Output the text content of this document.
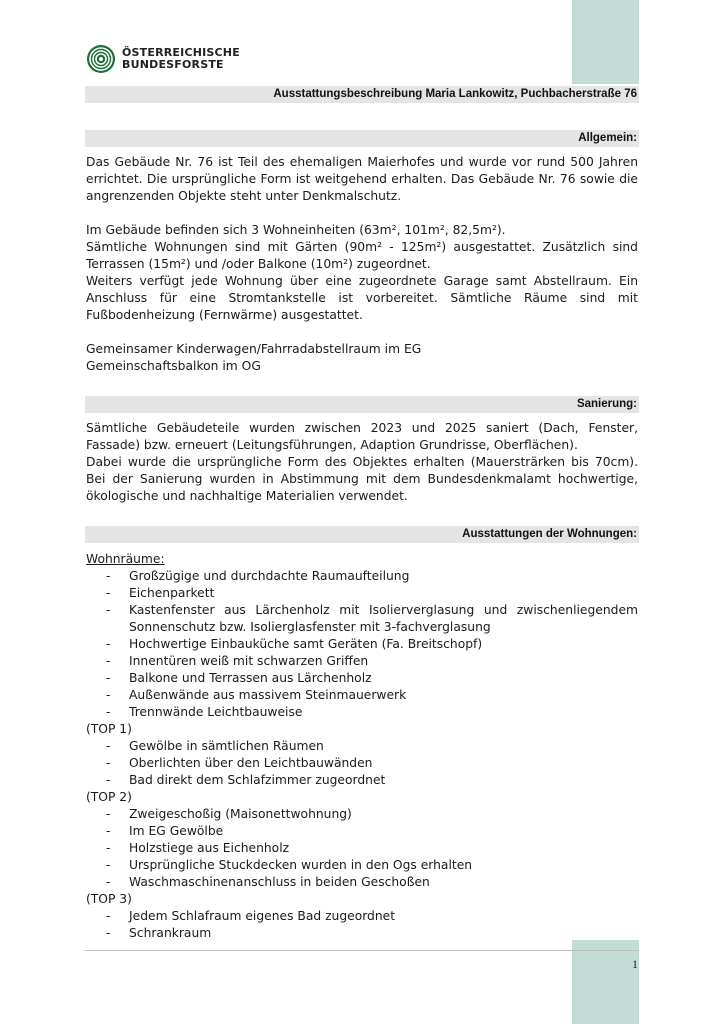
ÖSTERREICHISCHE
BUNDESFORSTE
Ausstattungsbeschreibung Maria Lankowitz, Puchbacherstraße 76
Allgemein:

Das Gebäude Nr. 76 ist Teil des ehemaligen Maierhofes und wurde vor rund 500 Jahren errichtet. Die ursprüngliche Form ist weitgehend erhalten. Das Gebäude Nr. 76 sowie die angrenzenden Objekte steht unter Denkmalschutz.

Im Gebäude befinden sich 3 Wohneinheiten (63m², 101m², 82,5m²).

Sämtliche Wohnungen sind mit Gärten (90m² - 125m²) ausgestattet. Zusätzlich sind Terrassen (15m²) und /oder Balkone (10m²) zugeordnet.

Weiters verfügt jede Wohnung über eine zugeordnete Garage samt Abstellraum. Ein Anschluss für eine Stromtankstelle ist vorbereitet. Sämtliche Räume sind mit Fußbodenheizung (Fernwärme) ausgestattet.

Gemeinsamer Kinderwagen/Fahrradabstellraum im EG

Gemeinschaftsbalkon im OG

Sanierung:

Sämtliche Gebäudeteile wurden zwischen 2023 und 2025 saniert (Dach, Fenster, Fassade) bzw. erneuert (Leitungsführungen, Adaption Grundrisse, Oberflächen).

Dabei wurde die ursprüngliche Form des Objektes erhalten (Mauersträrken bis 70cm). Bei der Sanierung wurden in Abstimmung mit dem Bundesdenkmalamt hochwertige, ökologische und nachhaltige Materialien verwendet.

Ausstattungen der Wohnungen:

Wohnräume:

- Großzügige und durchdachte Raumaufteilung
- Eichenparkett
- Kastenfenster aus Lärchenholz mit Isolierverglasung und zwischenliegendem Sonnenschutz bzw. Isolierglasfenster mit 3-fachverglasung
- Hochwertige Einbauküche samt Geräten (Fa. Breitschopf)
- Innentüren weiß mit schwarzen Griffen
- Balkone und Terrassen aus Lärchenholz
- Außenwände aus massivem Steinmauerwerk
- Trennwände Leichtbauweise

(TOP 1)

- Gewölbe in sämtlichen Räumen
- Oberlichten über den Leichtbauwänden
- Bad direkt dem Schlafzimmer zugeordnet

(TOP 2)

- Zweigeschoßig (Maisonettwohnung)
- Im EG Gewölbe
- Holzstiege aus Eichenholz
- Ursprüngliche Stuckdecken wurden in den Ogs erhalten
- Waschmaschinenanschluss in beiden Geschoßen

(TOP 3)

- Jedem Schlafraum eigenes Bad zugeordnet
- Schrankraum
1
